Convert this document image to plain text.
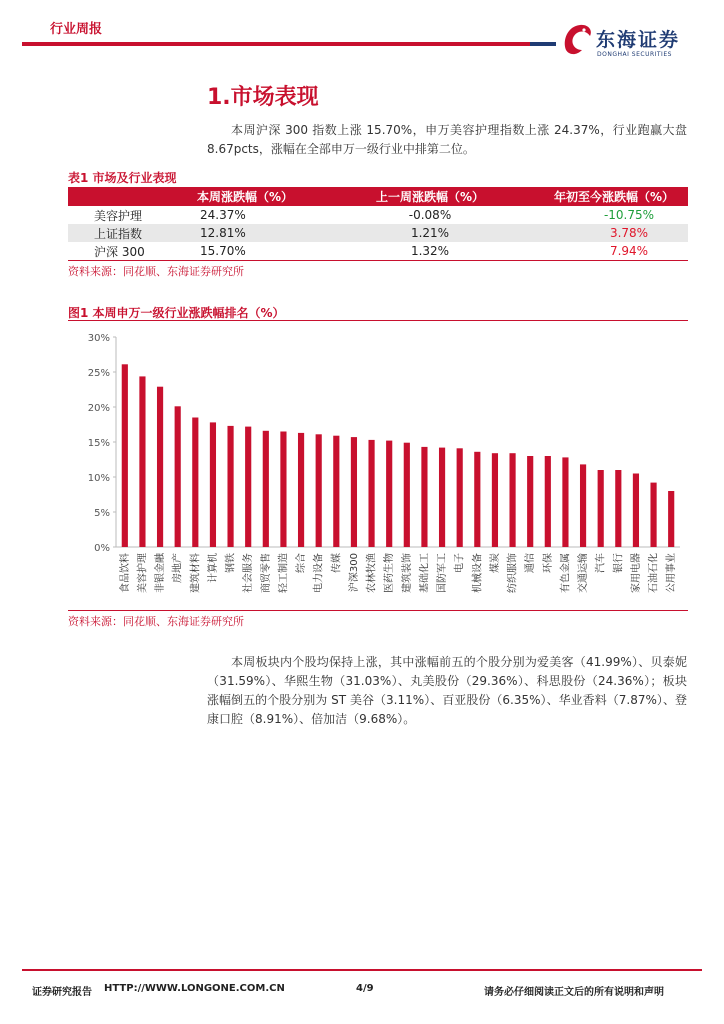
行业周报	东海证券
DONGHAI SECURITIES
1.市场表现

本周沪深 300 指数上涨 15.70%，申万美容护理指数上涨 24.37%，行业跑赢大盘 8.67pcts，涨幅在全部申万一级行业中排第二位。

表1 市场及行业表现
	本周涨跌幅（%）	上一周涨跌幅（%）	年初至今涨跌幅（%）
美容护理	24.37%	-0.08%	-10.75%
上证指数	12.81%	1.21%	3.78%
沪深 300	15.70%	1.32%	7.94%
资料来源：同花顺、东海证券研究所
图1 本周申万一级行业涨跌幅排名（%）
0%
5%
10%
15%
20%
25%
30%
食品饮料 美容护理 非银金融 房地产 建筑材料 计算机 钢铁 社会服务 商贸零售 轻工制造 综合 电力设备 传媒 沪深300 农林牧渔 医药生物 建筑装饰 基础化工 国防军工 电子 机械设备 煤炭 纺织服饰 通信 环保 有色金属 交通运输 汽车 银行 家用电器 石油石化 公用事业
资料来源：同花顺、东海证券研究所

本周板块内个股均保持上涨，其中涨幅前五的个股分别为爱美客（41.99%）、贝泰妮（31.59%）、华熙生物（31.03%）、丸美股份（29.36%）、科思股份（24.36%）；板块涨幅倒五的个股分别为 ST 美谷（3.11%）、百亚股份（6.35%）、华业香料（7.87%）、登康口腔（8.91%）、倍加洁（9.68%）。

证券研究报告 HTTP://WWW.LONGONE.COM.CN	4/9	请务必仔细阅读正文后的所有说明和声明
